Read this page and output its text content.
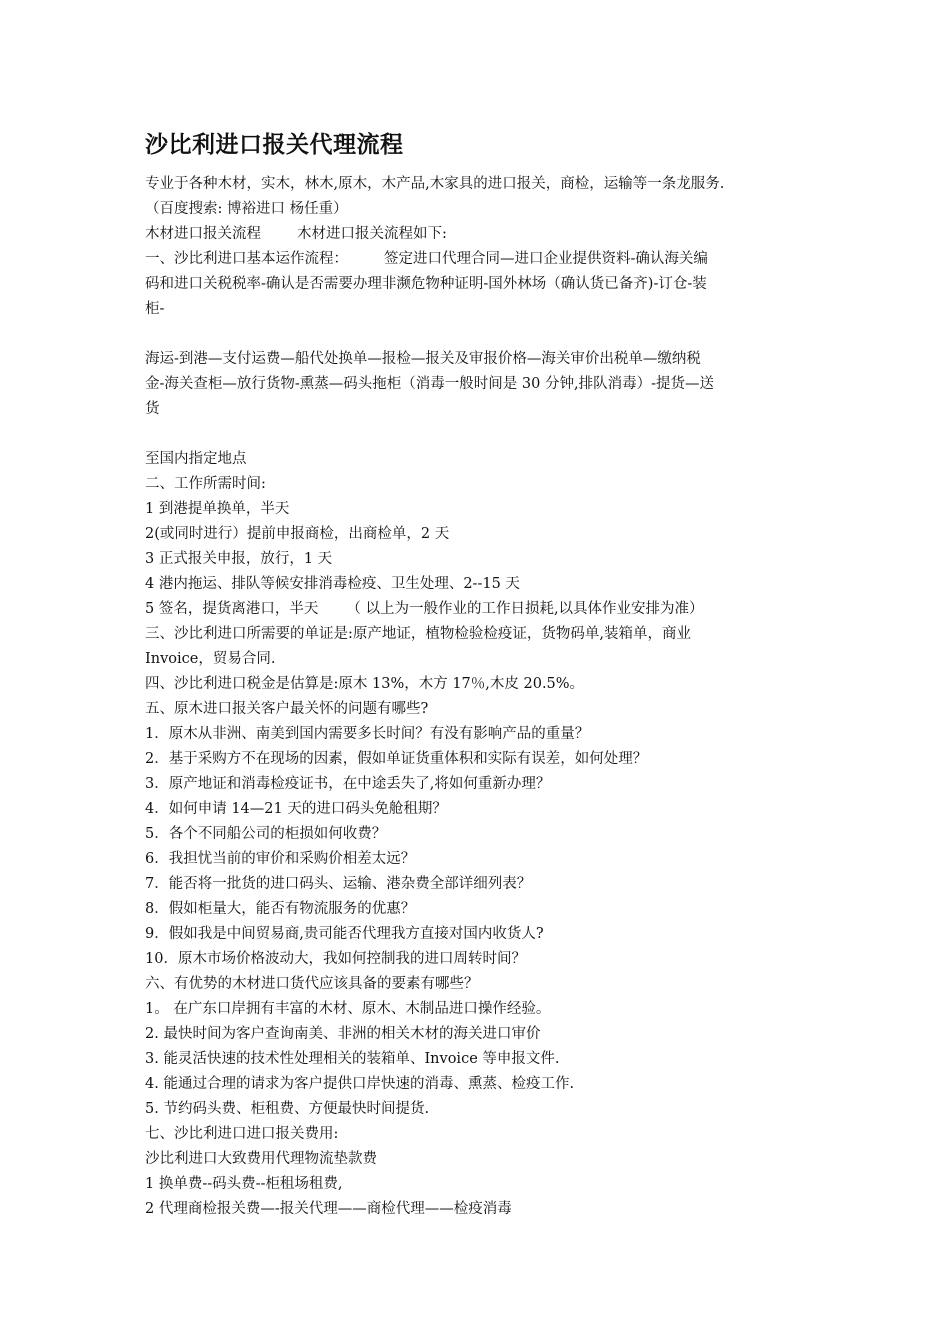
沙比利进口报关代理流程
专业于各种木材，实木，林木,原木，木产品,木家具的进口报关，商检，运输等一条龙服务.
（百度搜索: 博裕进口 杨任重）
木材进口报关流程 木材进口报关流程如下:
一、沙比利进口基本运作流程： 签定进口代理合同—进口企业提供资料-确认海关编
码和进口关税税率-确认是否需要办理非濒危物种证明-国外林场（确认货已备齐)-订仓-装
柜-
海运-到港—支付运费—船代处换单—报检—报关及审报价格—海关审价出税单—缴纳税
金-海关查柜—放行货物-熏蒸—码头拖柜（消毒一般时间是 30 分钟,排队消毒）-提货—送
货
至国内指定地点
二、工作所需时间:
1 到港提单换单，半天
2(或同时进行）提前申报商检，出商检单，2 天
3 正式报关申报，放行，1 天
4 港内拖运、排队等候安排消毒检疫、卫生处理、2--15 天
5 签名，提货离港口，半天 （ 以上为一般作业的工作日损耗,以具体作业安排为准）
三、沙比利进口所需要的单证是:原产地证，植物检验检疫证，货物码单,装箱单，商业
Invoice，贸易合同.
四、沙比利进口税金是估算是:原木 13%，木方 17％,木皮 20.5%。
五、原木进口报关客户最关怀的问题有哪些?
1．原木从非洲、南美到国内需要多长时间？有没有影响产品的重量？
2．基于采购方不在现场的因素，假如单证货重体积和实际有误差，如何处理？
3．原产地证和消毒检疫证书，在中途丢失了,将如何重新办理？
4．如何申请 14—21 天的进口码头免舱租期？
5．各个不同船公司的柜损如何收费？
6．我担忧当前的审价和采购价相差太远？
7．能否将一批货的进口码头、运输、港杂费全部详细列表？
8．假如柜量大，能否有物流服务的优惠？
9．假如我是中间贸易商,贵司能否代理我方直接对国内收货人?
10．原木市场价格波动大，我如何控制我的进口周转时间？
六、有优势的木材进口货代应该具备的要素有哪些？
1。 在广东口岸拥有丰富的木材、原木、木制品进口操作经验。
2. 最快时间为客户查询南美、非洲的相关木材的海关进口审价
3. 能灵活快速的技术性处理相关的装箱单、Invoice 等申报文件.
4. 能通过合理的请求为客户提供口岸快速的消毒、熏蒸、检疫工作.
5. 节约码头费、柜租费、方便最快时间提货.
七、沙比利进口进口报关费用:
沙比利进口大致费用代理物流垫款费
1 换单费--码头费--柜租场租费,
2 代理商检报关费—-报关代理——商检代理——检疫消毒
